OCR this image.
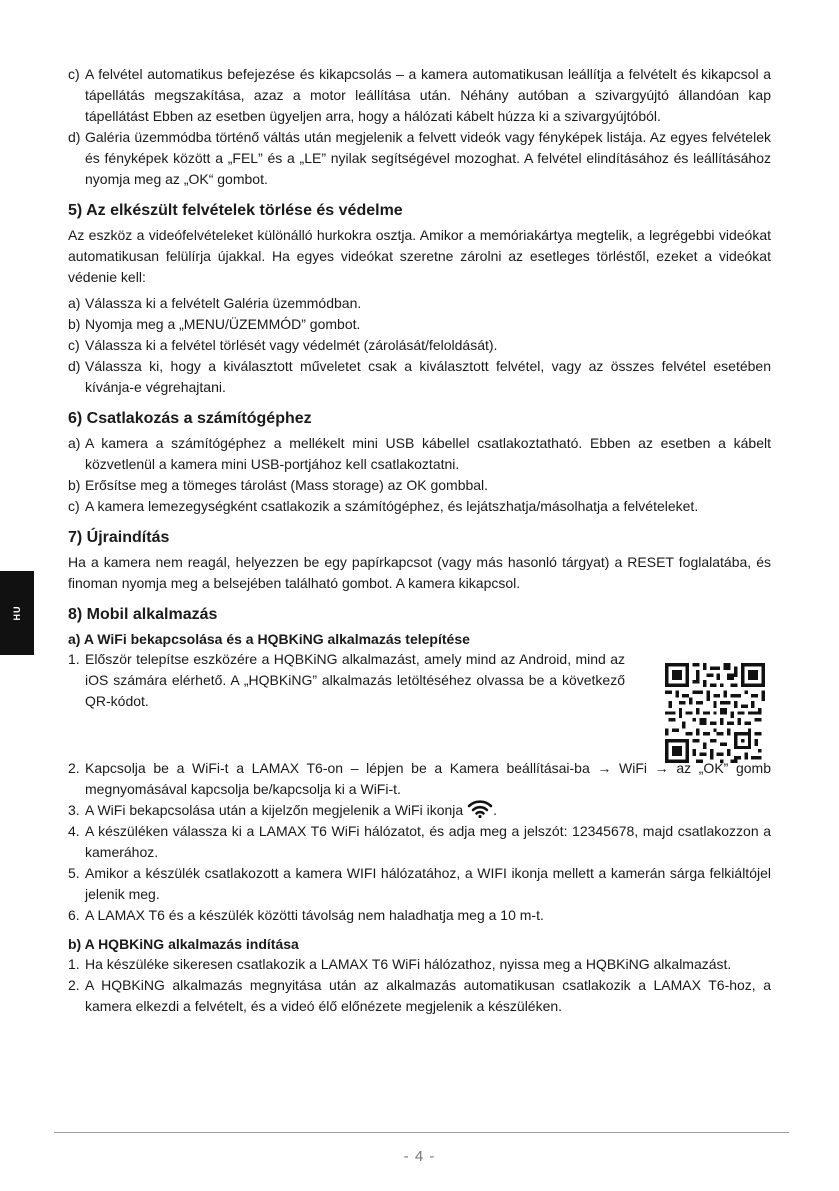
HU
c) A felvétel automatikus befejezése és kikapcsolás – a kamera automatikusan leállítja a felvételt és kikapcsol a tápellátás megszakítása, azaz a motor leállítása után. Néhány autóban a szivargyújtó állandóan kap tápellátást Ebben az esetben ügyeljen arra, hogy a hálózati kábelt húzza ki a szivargyújtóból.
d) Galéria üzemmódba történő váltás után megjelenik a felvett videók vagy fényképek listája. Az egyes felvételek és fényképek között a „FEL” és a „LE” nyilak segítségével mozoghat. A felvétel elindításához és leállításához nyomja meg az „OK“ gombot.
5) Az elkészült felvételek törlése és védelme

Az eszköz a videófelvételeket különálló hurkokra osztja. Amikor a memóriakártya megtelik, a legrégebbi videókat automatikusan felülírja újakkal. Ha egyes videókat szeretne zárolni az esetleges törléstől, ezeket a videókat védenie kell:

a) Válassza ki a felvételt Galéria üzemmódban.
b) Nyomja meg a „MENU/ÜZEMMÓD” gombot.
c) Válassza ki a felvétel törlését vagy védelmét (zárolását/feloldását).
d) Válassza ki, hogy a kiválasztott műveletet csak a kiválasztott felvétel, vagy az összes felvétel esetében kívánja-e végrehajtani.
6) Csatlakozás a számítógéphez
a) A kamera a számítógéphez a mellékelt mini USB kábellel csatlakoztatható. Ebben az esetben a kábelt közvetlenül a kamera mini USB-portjához kell csatlakoztatni.
b) Erősítse meg a tömeges tárolást (Mass storage) az OK gombbal.
c) A kamera lemezegységként csatlakozik a számítógéphez, és lejátszhatja/másolhatja a felvételeket.
7) Újraindítás

Ha a kamera nem reagál, helyezzen be egy papírkapcsot (vagy más hasonló tárgyat) a RESET foglalatába, és finoman nyomja meg a belsejében található gombot. A kamera kikapcsol.

8) Mobil alkalmazás
a) A WiFi bekapcsolása és a HQBKiNG alkalmazás telepítése
1. Először telepítse eszközére a HQBKiNG alkalmazást, amely mind az Android, mind az iOS számára elérhető. A „HQBKiNG” alkalmazás letöltéséhez olvassa be a következő QR-kódot.
2. Kapcsolja be a WiFi-t a LAMAX T6-on – lépjen be a Kamera beállításai-ba → WiFi → az „OK” gomb megnyomásával kapcsolja be/kapcsolja ki a WiFi-t.
3. A WiFi bekapcsolása után a kijelzőn megjelenik a WiFi ikonja .
4. A készüléken válassza ki a LAMAX T6 WiFi hálózatot, és adja meg a jelszót: 12345678, majd csatlakozzon a kamerához.
5. Amikor a készülék csatlakozott a kamera WIFI hálózatához, a WIFI ikonja mellett a kamerán sárga felkiáltójel jelenik meg.
6. A LAMAX T6 és a készülék közötti távolság nem haladhatja meg a 10 m-t.
b) A HQBKiNG alkalmazás indítása
1. Ha készüléke sikeresen csatlakozik a LAMAX T6 WiFi hálózathoz, nyissa meg a HQBKiNG alkalmazást.
2. A HQBKiNG alkalmazás megnyitása után az alkalmazás automatikusan csatlakozik a LAMAX T6-hoz, a kamera elkezdi a felvételt, és a videó élő előnézete megjelenik a készüléken.
- 4 -
